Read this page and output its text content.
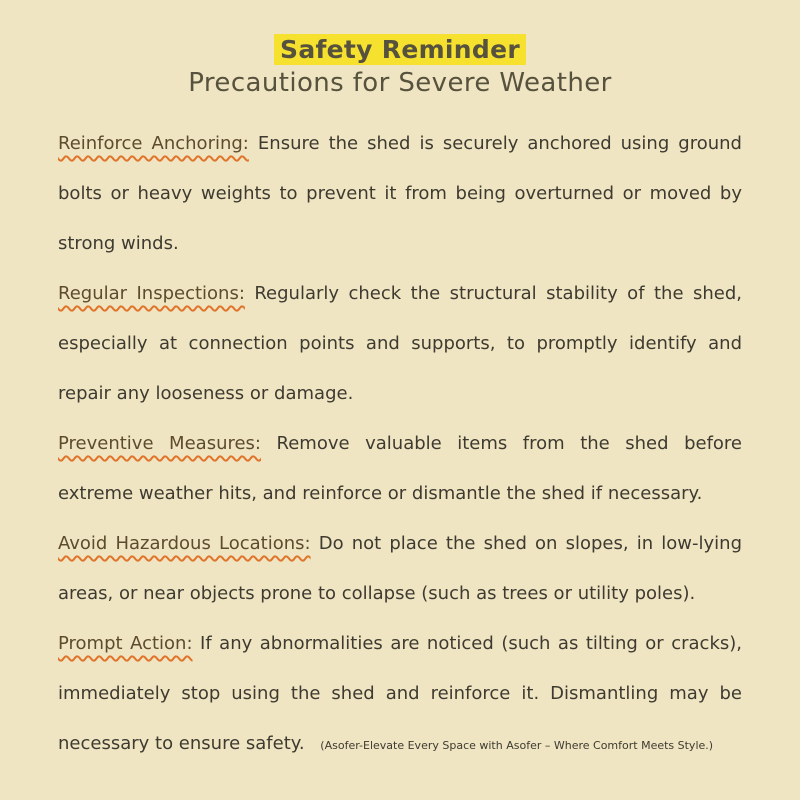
Safety Reminder
Precautions for Severe Weather

Reinforce Anchoring: Ensure the shed is securely anchored using ground bolts or heavy weights to prevent it from being overturned or moved by strong winds.

Regular Inspections: Regularly check the structural stability of the shed, especially at connection points and supports, to promptly identify and repair any looseness or damage.

Preventive Measures: Remove valuable items from the shed before extreme weather hits, and reinforce or dismantle the shed if necessary.

Avoid Hazardous Locations: Do not place the shed on slopes, in low-lying areas, or near objects prone to collapse (such as trees or utility poles).

Prompt Action: If any abnormalities are noticed (such as tilting or cracks), immediately stop using the shed and reinforce it. Dismantling may be necessary to ensure safety. (Asofer-Elevate Every Space with Asofer – Where Comfort Meets Style.)
